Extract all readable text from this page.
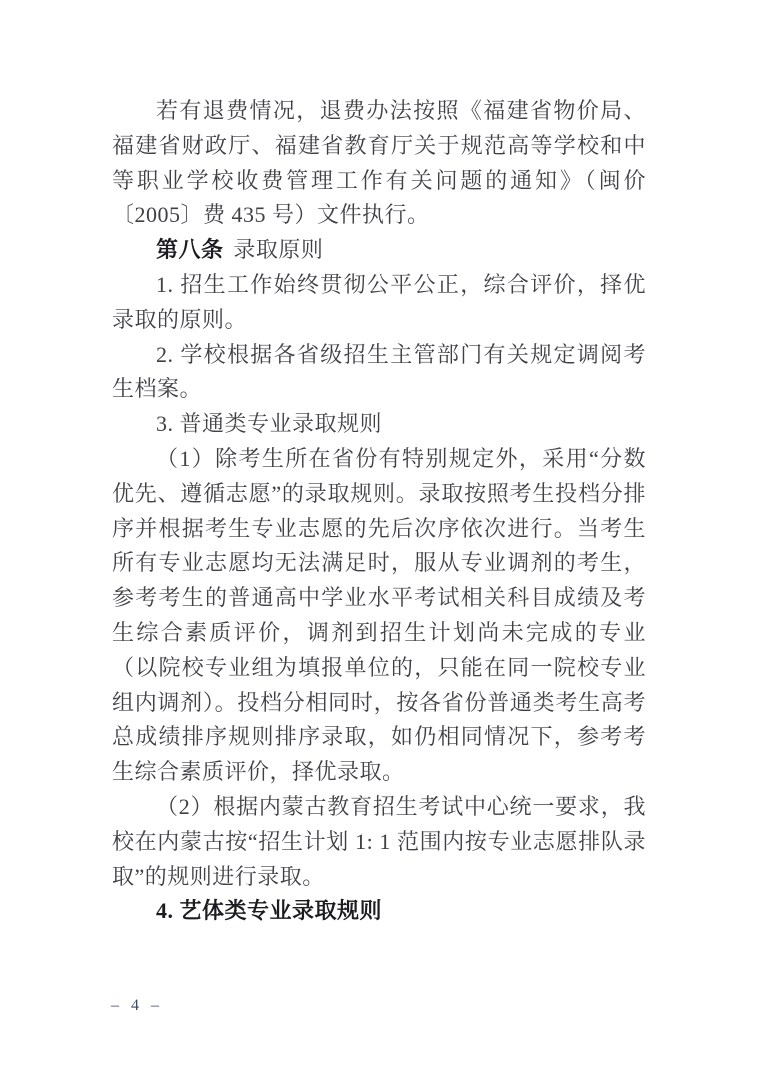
若有退费情况，退费办法按照《福建省物价局、福建省财政厅、福建省教育厅关于规范高等学校和中等职业学校收费管理工作有关问题的通知》（闽价〔2005〕费 435 号）文件执行。

第八条 录取原则

1. 招生工作始终贯彻公平公正，综合评价，择优录取的原则。

2. 学校根据各省级招生主管部门有关规定调阅考生档案。

3. 普通类专业录取规则

（1）除考生所在省份有特别规定外，采用“分数优先、遵循志愿”的录取规则。录取按照考生投档分排序并根据考生专业志愿的先后次序依次进行。当考生所有专业志愿均无法满足时，服从专业调剂的考生，参考考生的普通高中学业水平考试相关科目成绩及考生综合素质评价，调剂到招生计划尚未完成的专业（以院校专业组为填报单位的，只能在同一院校专业组内调剂）。投档分相同时，按各省份普通类考生高考总成绩排序规则排序录取，如仍相同情况下，参考考生综合素质评价，择优录取。

（2）根据内蒙古教育招生考试中心统一要求，我校在内蒙古按“招生计划 1: 1 范围内按专业志愿排队录取”的规则进行录取。

4. 艺体类专业录取规则

– 4 –
